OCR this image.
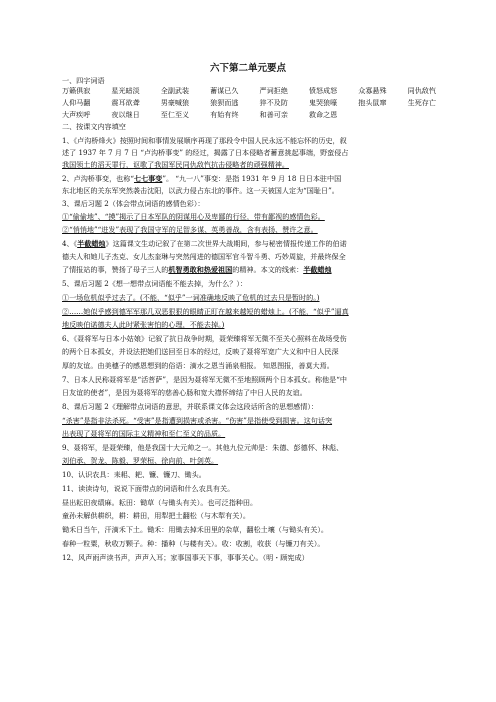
六下第二单元要点
一、四字词语
万籁俱寂	星光暗淡	全副武装	蓄谋已久	严词拒绝	愤怒成怒	众寡悬殊	同仇敌忾
人仰马翻	震耳欲聋	男豪喊狼	狼狈而逃	猝不及防	鬼哭狼嚎	抱头鼠窜	生死存亡
大声疾呼	夜以继日	至仁至义	有始有终	和善可亲	救命之恩
二、按课文内容填空
1、《卢沟桥烽火》按照时间和事情发展顺序再现了那段令中国人民永远不能忘怀的历史，叙
述了 1937 年 7 月 7 日 “卢沟桥事变” 的经过，揭露了日本侵略者蓄意挑起事端，野蛮侵占
我国领土的滔天罪行，讴歌了我国军民同仇敌忾抗击侵略者的顽强精神。
2、卢沟桥事变，也称“七七事变”。 “九一八”事变：是指 1931 年 9 月 18 日日本驻中国
东北地区的关东军突然袭击沈阳，以武力侵占东北的事件。这一天被国人定为“国耻日”。
3、课后习题 2（体会带点词语的感情色彩）：
①“偷偷地”、“摸”揭示了日本军队的阴谋用心及卑鄙的行径，带有鄙视的感情色彩。
②“悄悄地”“进发”表现了我国守军的足智多谋、英勇善战，含有表扬、赞许之意。
4、《半截蜡烛》这篇课文生动记叙了在第二次世界大战期间，参与秘密情报传递工作的伯诺
德夫人和她儿子杰克、女儿杰奎琳与突然闯进的德国军官斗智斗勇、巧妙周旋，并最终保全
了情报站的事，赞扬了母子三人的机智勇敢和热爱祖国的精神。本文的线索：半截蜡烛
5、课后习题 2《想一想带点词语能不能去掉，为什么？）：
①一场危机似乎过去了。(不能，“似乎”一词准确地反映了危机的过去只是暂时的。)
②……她似乎感到德军军那几双恶狠狠的眼睛正盯在越来越短的蜡烛上。(不能，“似乎”逼真
地反映伯诺德夫人此时紧张害怕的心理，不能去掉。)
6、《聂将军与日本小姑娘》记叙了抗日战争时期，聂荣臻将军无微不至关心照料在战场受伤
的两个日本孤女，并设法把她们送回至日本的经过，反映了聂将军宽广大义和中日人民深
厚的友谊。由美穗子的感恩想到的俗语：滴水之恩当涌泉相报。 知恩图报，善莫大焉。
7、日本人民称聂将军是“活菩萨”，是因为聂将军无微不至地照顾两个日本孤女。称他是“中
日友谊的使者”，是因为聂将军的慈善心肠和宽大襟怀缔结了中日人民的友谊。
8、课后习题 2《理解带点词语的意思，并联系课文体会这段话所含的思想感情）：
“杀害”是指非法杀死。“受害”是指遭到损害或杀害。“伤害”是指使受到损害。这句话突
出表现了聂将军的国际主义精神和至仁至义的品质。
9、聂将军，是聂荣臻，他是我国十大元帅之一。其他九位元帅是：朱德、彭德怀、林彪、
刘伯承、贺龙、陈毅、罗荣桓、徐向前、叶剑英。
10、认识农具：耒耜、耙、镰、镰刀、锄头。
11、读读诗句，说说下面带点的词语和什么农具有关。
昼出耘田夜绩麻。耘田：锄草（与锄头有关）。也可泛指种田。
童孙未解供耕织，耕：耕田，用犁把土翻松（与木犁有关）。
锄禾日当午，汗滴禾下土。锄禾：用锄去掉禾田里的杂草，翻松土壤（与锄头有关）。
春种一粒粟，秋收万颗子。种：播种（与耧有关）。收：收割，收获（与镰刀有关）。
12、风声雨声读书声，声声入耳；家事国事天下事，事事关心。（明・顾宪成）
